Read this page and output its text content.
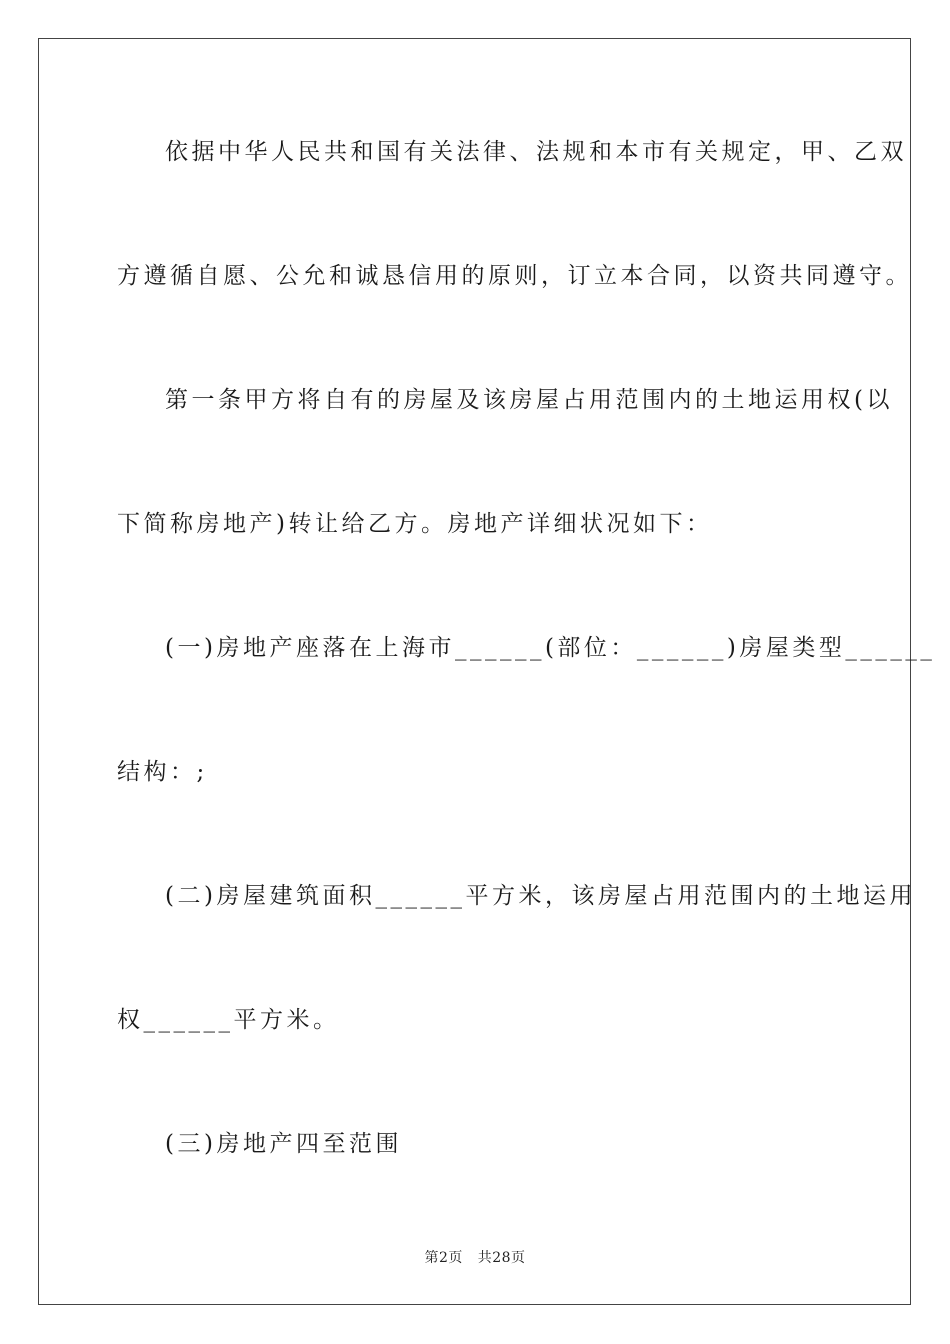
依据中华人民共和国有关法律、法规和本市有关规定，甲、乙双
方遵循自愿、公允和诚恳信用的原则，订立本合同，以资共同遵守。
第一条甲方将自有的房屋及该房屋占用范围内的土地运用权(以
下简称房地产)转让给乙方。房地产详细状况如下：
(一)房地产座落在上海市______(部位：______)房屋类型______
结构：;
(二)房屋建筑面积______平方米，该房屋占用范围内的土地运用
权______平方米。
(三)房地产四至范围
第2页   共28页
